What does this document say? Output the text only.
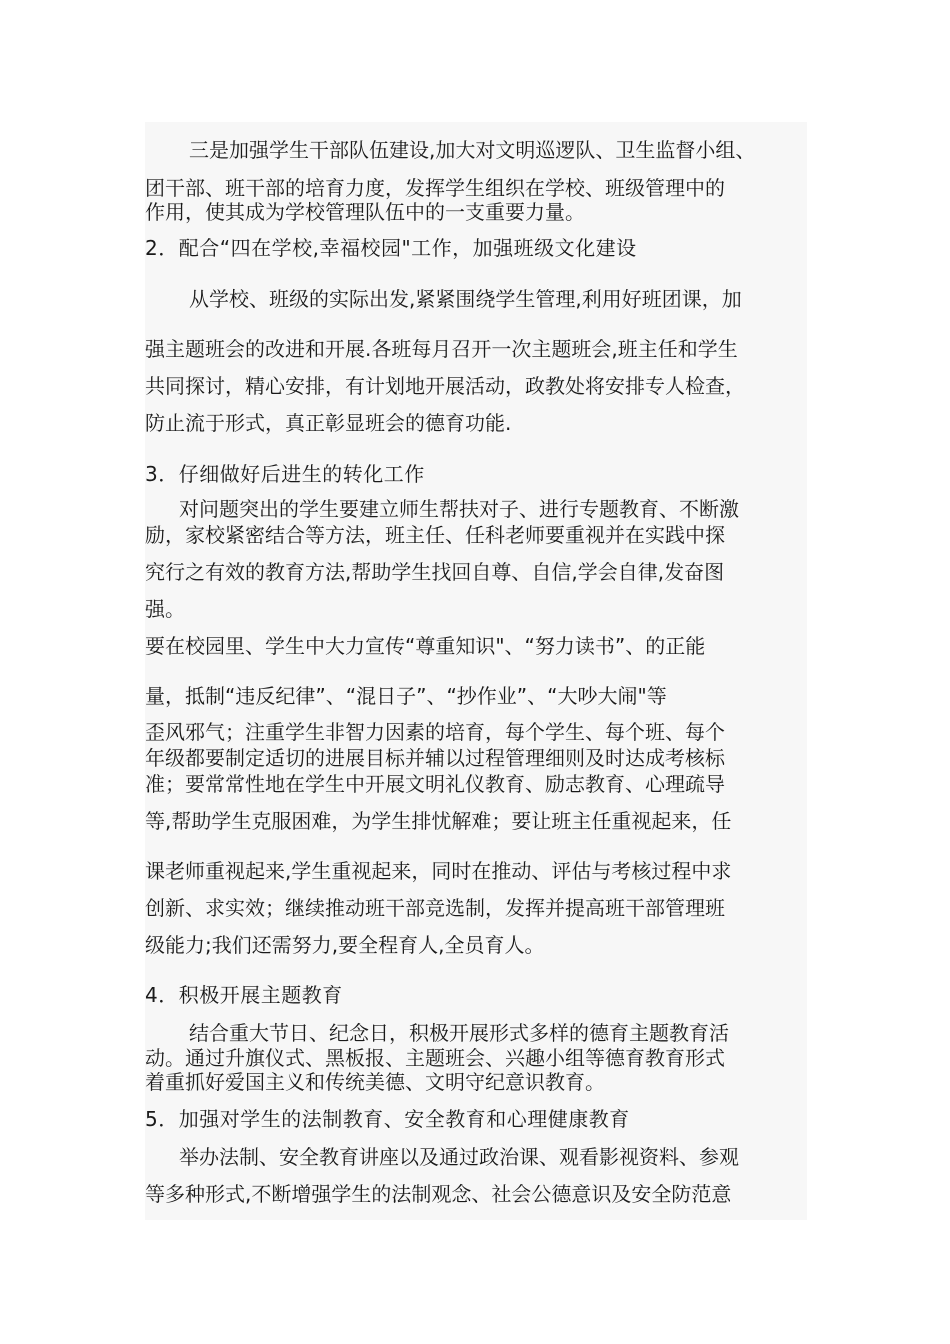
三是加强学生干部队伍建设,加大对文明巡逻队、卫生监督小组、
团干部、班干部的培育力度，发挥学生组织在学校、班级管理中的
作用，使其成为学校管理队伍中的一支重要力量。
2．配合“四在学校,幸福校园"工作，加强班级文化建设
从学校、班级的实际出发,紧紧围绕学生管理,利用好班团课，加
强主题班会的改进和开展.各班每月召开一次主题班会,班主任和学生
共同探讨，精心安排，有计划地开展活动，政教处将安排专人检查，
防止流于形式，真正彰显班会的德育功能.
3．仔细做好后进生的转化工作
对问题突出的学生要建立师生帮扶对子、进行专题教育、不断激
励，家校紧密结合等方法，班主任、任科老师要重视并在实践中探
究行之有效的教育方法,帮助学生找回自尊、自信,学会自律,发奋图
强。
要在校园里、学生中大力宣传“尊重知识"、“努力读书”、的正能
量，抵制“违反纪律”、“混日子”、“抄作业”、“大吵大闹"等
歪风邪气；注重学生非智力因素的培育，每个学生、每个班、每个
年级都要制定适切的进展目标并辅以过程管理细则及时达成考核标
准；要常常性地在学生中开展文明礼仪教育、励志教育、心理疏导
等,帮助学生克服困难，为学生排忧解难；要让班主任重视起来，任
课老师重视起来,学生重视起来，同时在推动、评估与考核过程中求
创新、求实效；继续推动班干部竞选制，发挥并提高班干部管理班
级能力;我们还需努力,要全程育人,全员育人。
4．积极开展主题教育
结合重大节日、纪念日，积极开展形式多样的德育主题教育活
动。通过升旗仪式、黑板报、主题班会、兴趣小组等德育教育形式
着重抓好爱国主义和传统美德、文明守纪意识教育。
5．加强对学生的法制教育、安全教育和心理健康教育
举办法制、安全教育讲座以及通过政治课、观看影视资料、参观
等多种形式,不断增强学生的法制观念、社会公德意识及安全防范意
